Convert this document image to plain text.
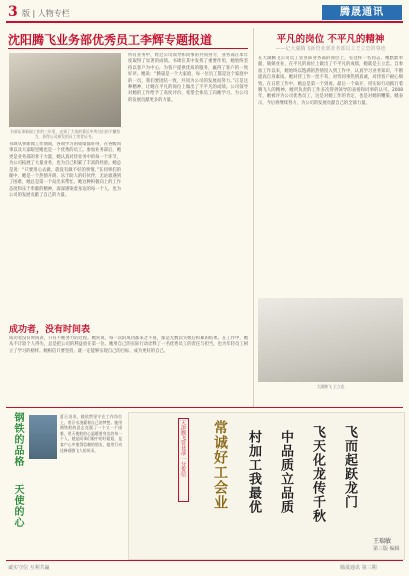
3 版 | 人物专栏	腾晟通讯
沈阳腾飞业务部优秀员工李辉专题报道
书颂从事新闻工作的三年里，走到了大家的幕后中所付出的不懈努力，获得公司颁发的员工荣誉证书。
书颂从事新闻工作期间，各项学习的成绩都好得，在各级同事以及大家眼里她也是一个优秀的员工。参加业务部后，她更是业务部的骨干力量，她认真对待业务中的每一个环节，为公司拓展了大量业务，也为自己积累了丰富的经验。她总是说：“只要用心去做，就没有做不好的事情。”在同事们的眼中，她是一个热情开朗、乐于助人的好伙伴，无论谁遇到了困难，她总是第一个站出来帮忙。她这种积极向上的工作态度和乐于奉献的精神，深深感染着身边的每一个人，也为公司的发展贡献了自己的力量。
所有业务中，经过公司领导和同事的共同努力，业务部在本年度取得了显著的成绩。书颂在其中发挥了重要作用，她始终坚持以客户为中心，为客户提供优质的服务，赢得了客户的一致好评。她说：“腾晟是一个大家庭，每一位员工都是这个家庭中的一员，我们要团结一致，共同为公司的发展而努力。”正是这种精神，让她在平凡的岗位上做出了不平凡的成绩。公司领导对她的工作给予了高度评价，希望全体员工向她学习，为公司的发展贡献更多的力量。
成功者，没有时间表
成功者没有时间表，只有不断努力的过程。她常说，每一次的成功都来之不易，都是无数次失败后积累的结果。在工作中，她从不计较个人得失，总是把公司的利益放在第一位。她用自己的实际行动诠释了一名优秀员工的责任与担当，也为年轻员工树立了学习的榜样。她相信只要坚持，就一定能够实现自己的目标，成为更好的自己。
平凡的岗位 不平凡的精神
——记大湖腾飞新管业部业务部员工王立忠的事迹
在大湖腾飞公司员工管业部业务部的岗位上，有这样一名同志，她默默奉献，兢兢业业，在平凡的岗位上做出了不平凡的成绩，她就是王立忠。自参加工作以来，她始终以饱满的热情投入到工作中，认真学习业务知识，不断提高自身素质。她对待工作一丝不苟，对待同事热情真诚，对待客户耐心细致。在日常工作中，她总是第一个到岗，最后一个离开，用实际行动践行着腾飞人的精神。她所负责的工作多次得到领导的表扬和同事的认可。2008年，她被评为公司优秀员工，这是对她工作的肯定，也是对她的鞭策。她表示，今后将继续努力，为公司的发展贡献自己的全部力量。
大湖腾飞 王立忠
钢铁的品格
天使的心
夏日炎炎，她依然坚守在工作岗位上，用汗水浇灌着自己的梦想。她用钢铁般的意志克服了一个又一个困难，用天使般的心温暖着身边的每一个人。她是同事们眼中的好姐姐，是客户心中值得信赖的朋友，她用行动诠释着腾飞人的风采。	天津腾飞管业部·一分贺信	飞而起跃龙门
飞天化龙传千秋
中品质立品质
村加工我最优
常诚好工会业
王瑞敏
第三版 编辑
诚实守信 互利共赢	腾晟通讯 第三期
